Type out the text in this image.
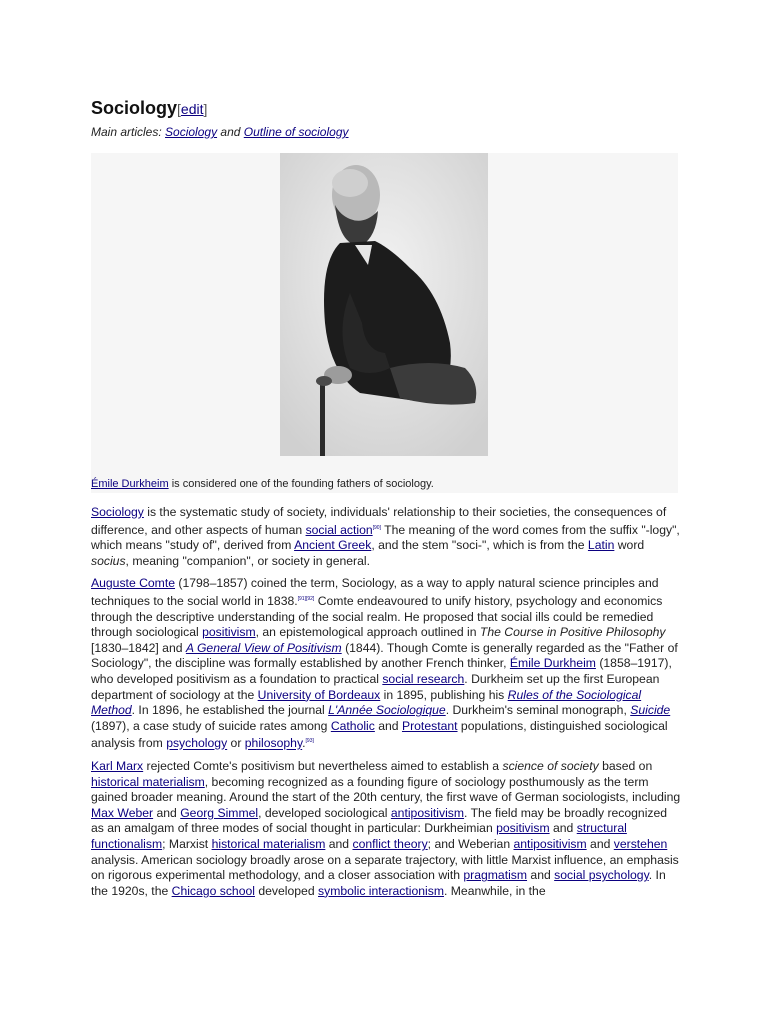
Sociology[edit]
Main articles: Sociology and Outline of sociology
Émile Durkheim is considered one of the founding fathers of sociology.

Sociology is the systematic study of society, individuals' relationship to their societies, the consequences of difference, and other aspects of human social action[90] The meaning of the word comes from the suffix "-logy", which means "study of", derived from Ancient Greek, and the stem "soci-", which is from the Latin word socius, meaning "companion", or society in general.

Auguste Comte (1798–1857) coined the term, Sociology, as a way to apply natural science principles and techniques to the social world in 1838.[91][92] Comte endeavoured to unify history, psychology and economics through the descriptive understanding of the social realm. He proposed that social ills could be remedied through sociological positivism, an epistemological approach outlined in The Course in Positive Philosophy [1830–1842] and A General View of Positivism (1844). Though Comte is generally regarded as the "Father of Sociology", the discipline was formally established by another French thinker, Émile Durkheim (1858–1917), who developed positivism as a foundation to practical social research. Durkheim set up the first European department of sociology at the University of Bordeaux in 1895, publishing his Rules of the Sociological Method. In 1896, he established the journal L'Année Sociologique. Durkheim's seminal monograph, Suicide (1897), a case study of suicide rates among Catholic and Protestant populations, distinguished sociological analysis from psychology or philosophy.[93]

Karl Marx rejected Comte's positivism but nevertheless aimed to establish a science of society based on historical materialism, becoming recognized as a founding figure of sociology posthumously as the term gained broader meaning. Around the start of the 20th century, the first wave of German sociologists, including Max Weber and Georg Simmel, developed sociological antipositivism. The field may be broadly recognized as an amalgam of three modes of social thought in particular: Durkheimian positivism and structural functionalism; Marxist historical materialism and conflict theory; and Weberian antipositivism and verstehen analysis. American sociology broadly arose on a separate trajectory, with little Marxist influence, an emphasis on rigorous experimental methodology, and a closer association with pragmatism and social psychology. In the 1920s, the Chicago school developed symbolic interactionism. Meanwhile, in the
